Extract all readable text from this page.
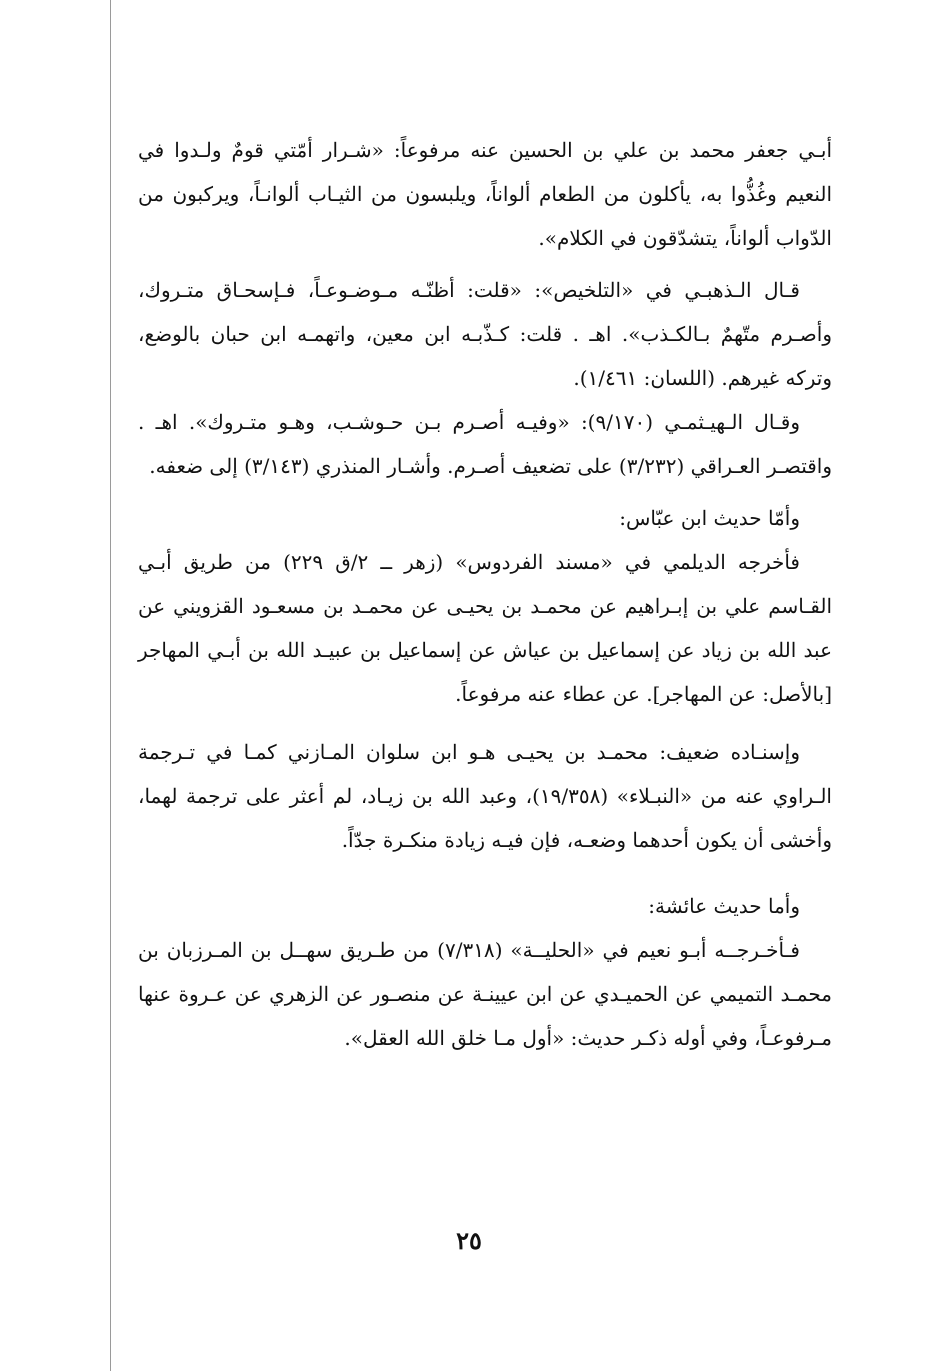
أبـي جعفر محمد بن علي بن الحسين عنه مرفوعاً: «شـرار أمّتي قومٌ ولـدوا في النعيم وغُذُّوا به، يأكلون من الطعام ألواناً، ويلبسون من الثيـاب ألوانـاً، ويركبون من الدّواب ألواناً، يتشدّقون في الكلام».

قـال الـذهبـي في «التلخيص»: «قلت: أظنّـه مـوضـوعـاً، فـإسحـاق متـروك، وأصـرم متّهمٌ بـالكـذب». اهـ . قلت: كـذّبـه ابن معين، واتهمـه ابن حبان بالوضع، وتركه غيرهم. (اللسان: ١/٤٦١).

وقـال الـهيـثمـي (٩/١٧٠): «وفيـه أصـرم بـن حـوشـب، وهـو متـروك». اهـ . واقتصـر العـراقي (٣/٢٣٢) على تضعيف أصـرم. وأشـار المنذري (٣/١٤٣) إلى ضعفه.

وأمّا حديث ابن عبّاس:

فأخرجه الديلمي في «مسند الفردوس» (زهر ــ ٢/ق ٢٢٩) من طريق أبـي القـاسم علي بن إبـراهيم عن محمـد بن يحيـى عن محمـد بن مسعـود القزويني عن عبد الله بن زياد عن إسماعيل بن عياش عن إسماعيل بن عبيـد الله بن أبـي المهاجر [بالأصل: عن المهاجر]. عن عطاء عنه مرفوعاً.

وإسنـاده ضعيف: محمـد بن يحيـى هـو ابن سلوان المـازني كمـا في تـرجمة الـراوي عنه من «النبـلاء» (١٩/٣٥٨)، وعبد الله بن زيـاد، لم أعثر على ترجمة لهما، وأخشى أن يكون أحدهما وضعـه، فإن فيـه زيادة منكـرة جدّاً.

وأما حديث عائشة:

فـأخـرجــه أبـو نعيم في «الحليــة» (٧/٣١٨) من طـريق سهــل بن المـرزبان بن محمـد التميمي عن الحميـدي عن ابن عيينـة عن منصـور عن الزهري عن عـروة عنها مـرفوعـاً، وفي أوله ذكـر حديث: «أول مـا خلق الله العقل».

٢٥
